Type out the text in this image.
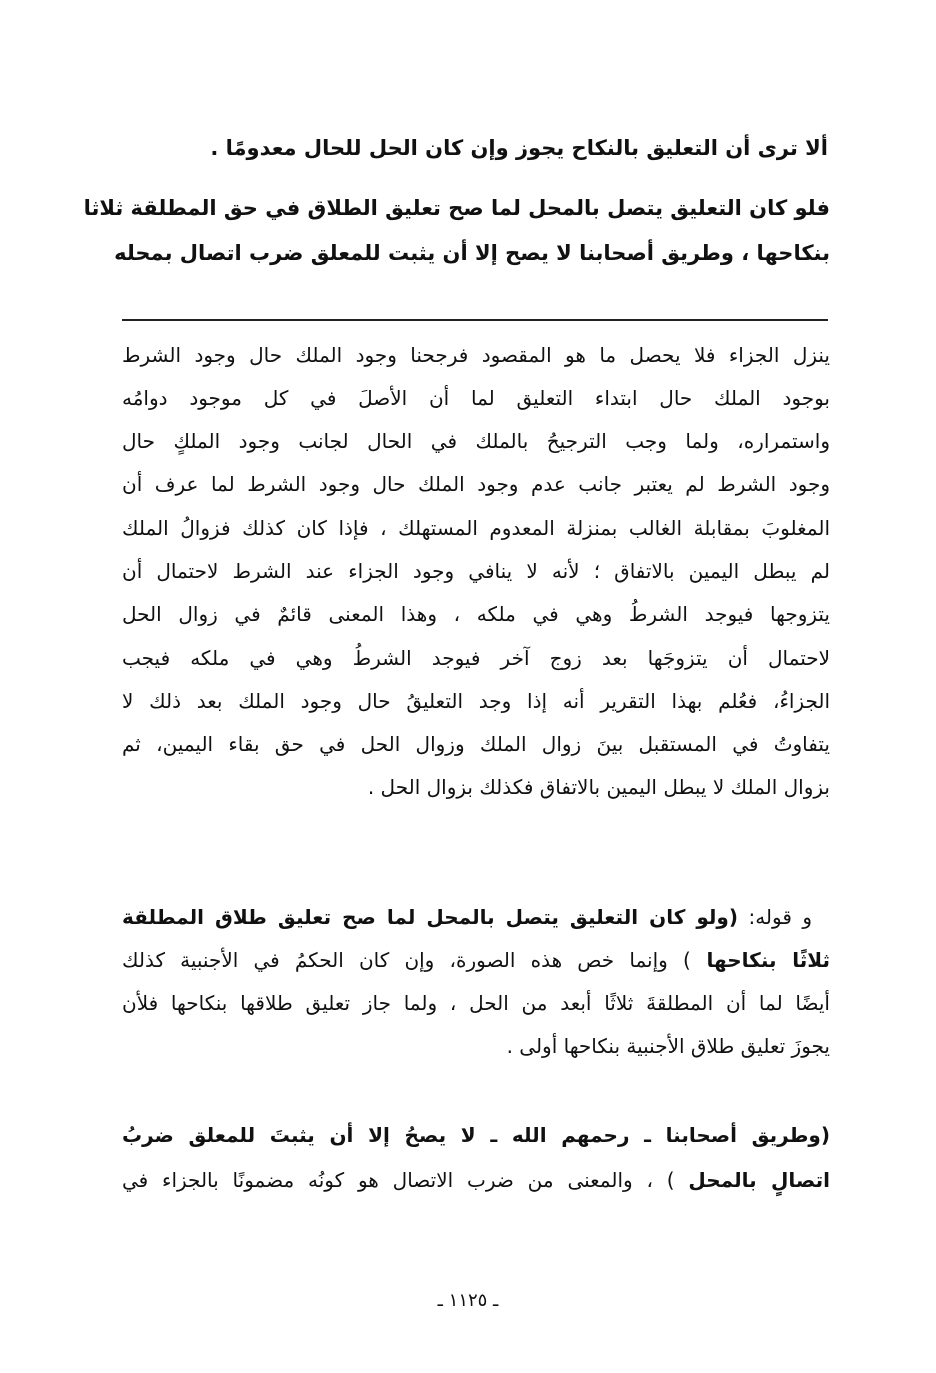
ألا ترى أن التعليق بالنكاح يجوز وإن كان الحل للحال معدومًا .
فلو كان التعليق يتصل بالمحل لما صح تعليق الطلاق في حق المطلقة ثلاثا
بنكاحها ، وطريق أصحابنا لا يصح إلا أن يثبت للمعلق ضرب اتصال بمحله
ينزل الجزاء فلا يحصل ما هو المقصود فرجحنا وجود الملك حال وجود الشرط
بوجود الملك حال ابتداء التعليق لما أن الأصلَ في كل موجود دوامُه
واستمراره، ولما وجب الترجيحُ بالملك في الحال لجانب وجود الملكٍ حال
وجود الشرط لم يعتبر جانب عدم وجود الملك حال وجود الشرط لما عرف أن
المغلوبَ بمقابلة الغالب بمنزلة المعدوم المستهلك ، فإذا كان كذلك فزوالُ الملك
لم يبطل اليمين بالاتفاق ؛ لأنه لا ينافي وجود الجزاء عند الشرط لاحتمال أن
يتزوجها فيوجد الشرطُ وهي في ملكه ، وهذا المعنى قائمٌ في زوال الحل
لاحتمال أن يتزوجَها بعد زوج آخر فيوجد الشرطُ وهي في ملكه فيجب
الجزاءُ، فعُلم بهذا التقرير أنه إذا وجد التعليقُ حال وجود الملك بعد ذلك لا
يتفاوتُ في المستقبل بينَ زوال الملك وزوال الحل في حق بقاء اليمين، ثم
بزوال الملك لا يبطل اليمين بالاتفاق فكذلك بزوال الحل .
و قوله: (ولو كان التعليق يتصل بالمحل لما صح تعليق طلاق المطلقة
ثلاثًا بنكاحها ) وإنما خص هذه الصورة، وإن كان الحكمُ في الأجنبية كذلك
أيضًا لما أن المطلقةَ ثلاثًا أبعد من الحل ، ولما جاز تعليق طلاقها بنكاحها فلأن
يجوزَ تعليق طلاق الأجنبية بنكاحها أولى .
(وطريق أصحابنا ـ رحمهم الله ـ لا يصحُ إلا أن يثبتَ للمعلق ضربُ
اتصالٍ بالمحل ) ، والمعنى من ضرب الاتصال هو كونُه مضمونًا بالجزاء في
ـ ١١٢٥ ـ
